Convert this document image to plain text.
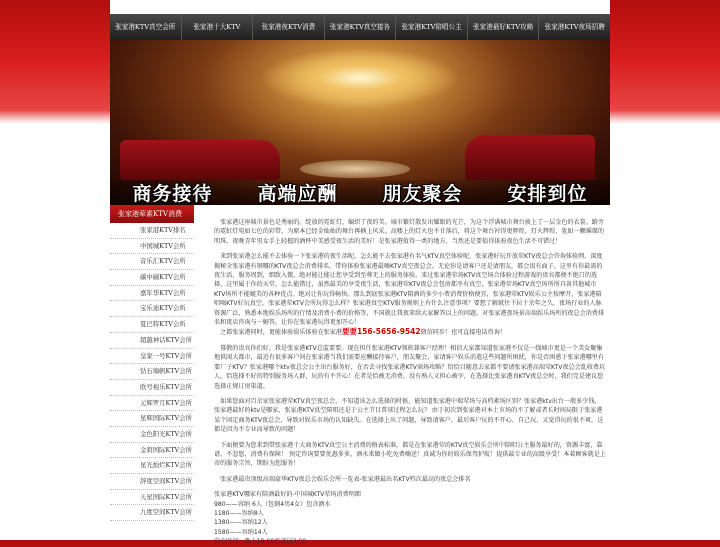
张家港KTV真空会所	张家港十大KTV	张家港夜KTV消费	张家港KTV真空接各	张家港KTV陪唱公主	张家港最好KTV攻略	张家港KTV夜场招聘
商务接待 高端应酬 朋友聚会 安排到位
张家港荤素KTV消费
张家港KTV排名
中国城KTV会所
音乐汇KTV会所
碳中碳KTV会所
嘉年华KTV会所
宝乐迪KTV会所
夏巴特KTV会所
超越神话KTV会所
皇家一号KTV会所
钻石墙帆KTV会所
欧号视乐KTV会所
元辉罗月KTV会所
星辉国际KTV会所
金色阳光KTV会所
金碧国际KTV会所
星光灿烂KTV会所
辞度空间KTV会所
天星国际KTV会所
九度空间KTV会所

张家港这座城市景色是秀丽的。绽放的霓虹灯，编织了夜的美。城市繁灯散发出耀眼的光芒，为这个浮满城市舞台披上了一层金色的衣裳。路旁的霓虹灯宛如七色的彩带，为原本已经金灿灿的舞台再横上风采。高楼上的灯火也不甘落后，将这个舞台衬得更辉煌，灯火辉煌，犹如一颗璀璨的明珠。夜晚青年男女手上轻握的酒杯中美感受夜生活的美好！是张家港值得一类的地方。当然还是要值得体验夜色生活不可错过！

来到张家港怎么能不去体验一下张家港的夜生活呢。怎么能不去张家港有名气KTV真空体验呢。张家港好玩开放荤KTV夜总会咨询体验网。深度揭秘全张家港有钢哪的KTV夜总会消费排名，带你体验张家港最嗨KTV真空夜总会。无论你是请客户还是请朋友，都会很有面子。这里有你最需的夜生活，服务周到，细致入微，绝对能让能让您享受到至尊无上的服务体验。来过张家港荤场KTV真空场合体验过程游戏的贵宾都便不绝口的选择，这里属于你的天堂，怎么能错过，虽然最美的享受夜生活，张家港荤KTV夜总会包房都坐有真空，张家港荤场KTV真空场所所具备其他城市KTV场所不能媲美的各种优点。绝对让你玩得畅快。那么到底张家港KTV陪酒的多少小费消费价格便宜，张家港荤KTV娱乐公主按摩开，张家港陪唱喝KTV好玩真空，张家港荤KTV会所玩得怎么样？张家港真空KTV服务规则上有什么注意事项？要想了解就往下拉十余年之久。夜场行业的人脉资源广泛，熟悉本地娱乐场所的行情及消费小费的价格等，不国就让我夜来给大家解答以上的问题。对张家港夜场景高端娱乐场所的夜总会消费排名和夜店咨询与一解答。让你在张家港玩得更加开心！

之都张家港同时，更能体验娱乐体验在张家港要要156-5656-9542微信同步！也可直接电话咨询！

幕敬的贵宾你们好，我是张家港KTV总监要要。现在担任张家港KTV领班兼客户经理！相信大家都知道张家港不仅是一线城市更是一个美女聚集地供闲大都市，最近有很多客户问在张家港当我们需要应酬接待客户，朋友聚会，家请客户娱乐消遣这些问题所困扰，你是否困惑于张家港哪里有要厂子KTV？张家港哪个ktv夜总会公主出台服务好，在否丢寻找张家港KTV商场攻略？恰恰目随意去家都不要请张家港高端荤KTV夜总会乱收费坑人，恰选择不好的特别服务场人群，玩的有不开心！在者是恰被无消费，没有熟人又担心被宰，在选择比张家港真KTV夜总会时，我们完是建议您选择正规订房渠道。

如果您面对百余家张家港荤KTV真空夜总会，不知道该怎么选择的时候，能知道张家港中瑞荤场与高档素场区别？张家港ktv出台一般多少钱，张家港最好的ktv是哪家，张家港KTV真空陪唱还是于公主节目普球过程怎么玩？ 由于初次到张家港对本土市场的不了解或者长时间局限于张家港某个固定商务KTV夜总会，导致对娱乐市场的认知缺失。在选择上出了问题，导致请客户，最后客户玩的不开心，自己玩，又觉得玩的很不爽，这都是因为不专业而导致的问题！

下面便要为您来到带张家港十大商务KTV真空公主消费的格表标准，都是在张家港荤的KTV真空娱乐会所中陪唱公主服务最好的，资源丰富，靠谱，不忽悠，消费有保障！ 预定咨询要要优惠多多，酒水来做小吃免费嗨送！真诚为你的娱乐保驾护航！提供最专业的高级享受！本着顾客就是上帝的服务宗旨，期盼为您服务！

张家港最贵顶级高端豪华KTV夜总会娱乐会所一览表-张家港最出名KTV档次最高的夜总会排名

张家港KTV哪家有陪酒最好的-中国城KTV荤场消费明细
980——容纳 6人（包钢4男4女）包含酒水
1180——容纳8人
1380——容纳12人
1580——容纳14人
营业时间：晚上19:00至凌晨3:00
